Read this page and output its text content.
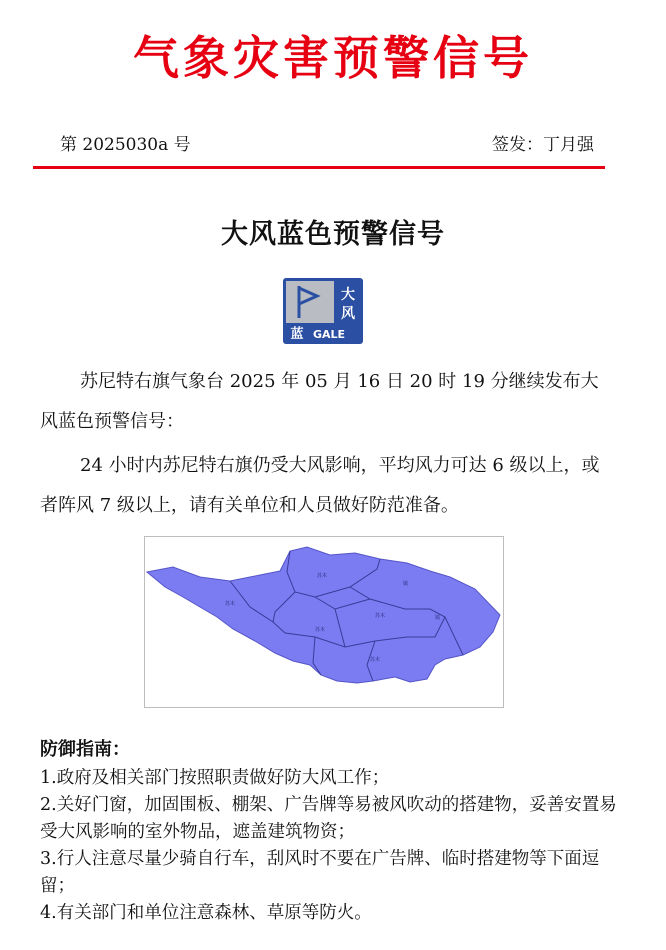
气象灾害预警信号
第 2025030a 号	签发：丁月强
大风蓝色预警信号
大
风
蓝 GALE
苏尼特右旗气象台 2025 年 05 月 16 日 20 时 19 分继续发布大风蓝色预警信号：
24 小时内苏尼特右旗仍受大风影响，平均风力可达 6 级以上，或者阵风 7 级以上，请有关单位和人员做好防范准备。
苏木
镇
苏木
苏木	镇
苏木
苏木
防御指南：
1.政府及相关部门按照职责做好防大风工作；
2.关好门窗，加固围板、棚架、广告牌等易被风吹动的搭建物，妥善安置易受大风影响的室外物品，遮盖建筑物资；
3.行人注意尽量少骑自行车，刮风时不要在广告牌、临时搭建物等下面逗留；
4.有关部门和单位注意森林、草原等防火。
